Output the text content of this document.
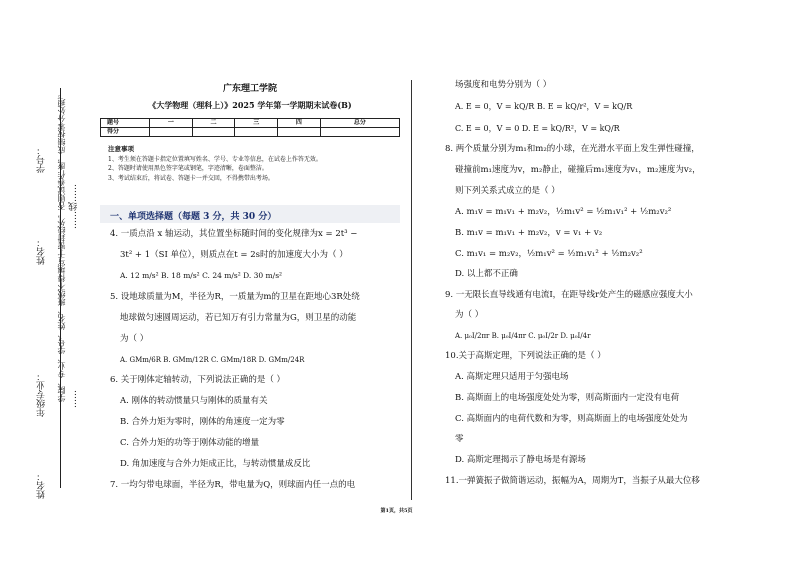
学号：
姓名： 学院、专业、学号、姓名、班级不得填写于密封线外，否则试卷作废，成绩按零分处理。 ……线……
……
年级专业：
姓名：
广东理工学院
《大学物理（理科上）》2025 学年第一学期期末试卷(B)
题号	一	二	三	四	总分
得分					
注意事项
1、考生须在答题卡指定位置填写姓名、学号、专业等信息，在试卷上作答无效。
2、答题时请使用黑色签字笔或钢笔，字迹清晰，卷面整洁。
3、考试结束后，将试卷、答题卡一并交回，不得携带出考场。
一、单项选择题（每题 3 分，共 30 分）
4. 一质点沿 x 轴运动，其位置坐标随时间的变化规律为x = 2t³ −
3t² + 1（SI 单位），则质点在t = 2s时的加速度大小为（ ）
A. 12 m/s² B. 18 m/s² C. 24 m/s² D. 30 m/s²
5. 设地球质量为M，半径为R，一质量为m的卫星在距地心3R处绕
地球做匀速圆周运动，若已知万有引力常量为G，则卫星的动能
为（ ）
A. GMm/6R B. GMm/12R C. GMm/18R D. GMm/24R
6. 关于刚体定轴转动，下列说法正确的是（ ）
A. 刚体的转动惯量只与刚体的质量有关
B. 合外力矩为零时，刚体的角速度一定为零
C. 合外力矩的功等于刚体动能的增量
D. 角加速度与合外力矩成正比，与转动惯量成反比
7. 一均匀带电球面，半径为R，带电量为Q，则球面内任一点的电
场强度和电势分别为（ ）
A. E = 0，V = kQ/R B. E = kQ/r²，V = kQ/R
C. E = 0，V = 0 D. E = kQ/R²，V = kQ/R
8. 两个质量分别为m₁和m₂的小球，在光滑水平面上发生弹性碰撞，
碰撞前m₁速度为v，m₂静止，碰撞后m₁速度为v₁，m₂速度为v₂，
则下列关系式成立的是（ ）
A. m₁v = m₁v₁ + m₂v₂，½m₁v² = ½m₁v₁² + ½m₂v₂²
B. m₁v = m₁v₁ + m₂v₂，v = v₁ + v₂
C. m₁v₁ = m₂v₂，½m₁v² = ½m₁v₁² + ½m₂v₂²
D. 以上都不正确
9. 一无限长直导线通有电流I，在距导线r处产生的磁感应强度大小
为（ ）
A. μ₀I/2πr B. μ₀I/4πr C. μ₀I/2r D. μ₀I/4r
10.关于高斯定理，下列说法正确的是（ ）
A. 高斯定理只适用于匀强电场
B. 高斯面上的电场强度处处为零，则高斯面内一定没有电荷
C. 高斯面内的电荷代数和为零，则高斯面上的电场强度处处为
零
D. 高斯定理揭示了静电场是有源场
11.一弹簧振子做简谐运动，振幅为A，周期为T，当振子从最大位移
第1页，共5页
